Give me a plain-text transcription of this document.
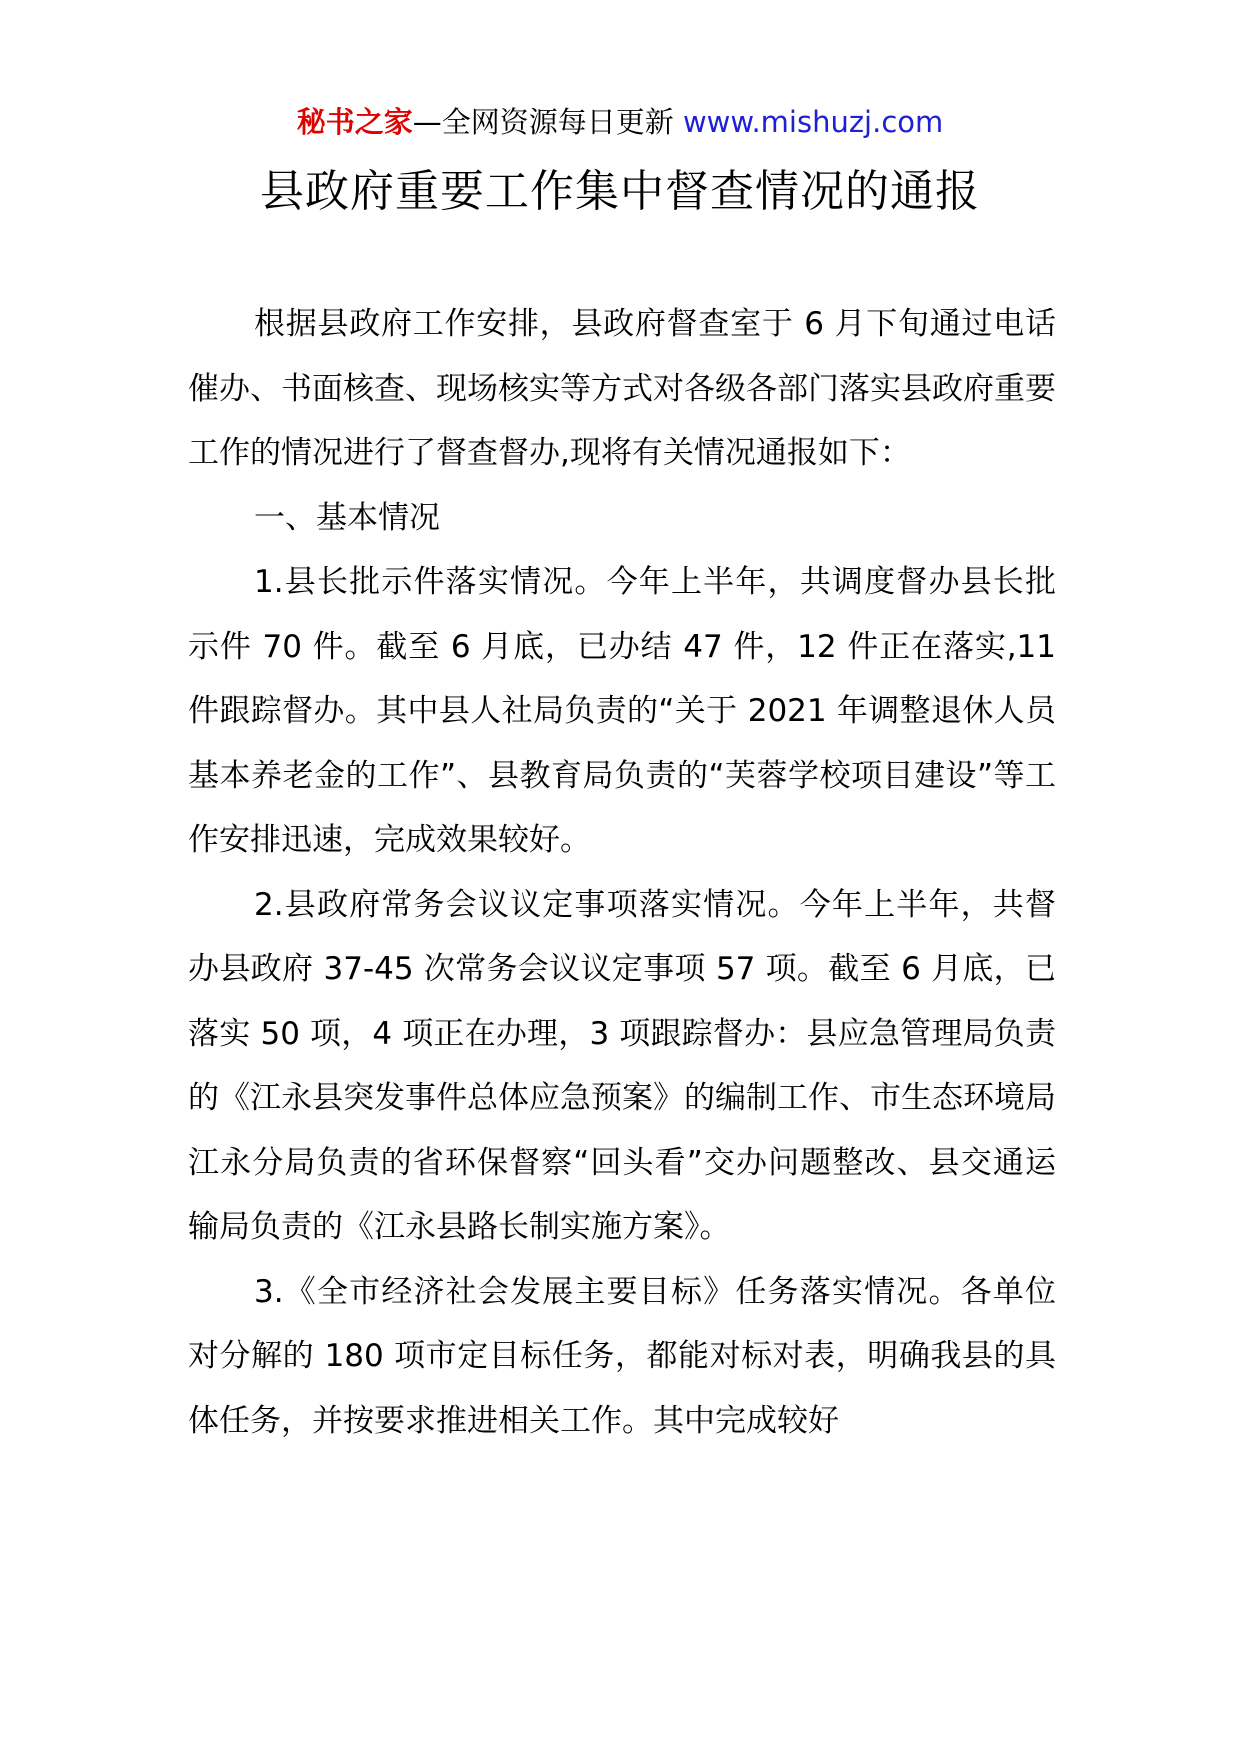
秘书之家—全网资源每日更新 www.mishuzj.com
县政府重要工作集中督查情况的通报

根据县政府工作安排，县政府督查室于 6 月下旬通过电话催办、书面核查、现场核实等方式对各级各部门落实县政府重要工作的情况进行了督查督办,现将有关情况通报如下：

一、基本情况

1.县长批示件落实情况。今年上半年，共调度督办县长批示件 70 件。截至 6 月底，已办结 47 件，12 件正在落实,11 件跟踪督办。其中县人社局负责的“关于 2021 年调整退休人员基本养老金的工作”、县教育局负责的“芙蓉学校项目建设”等工作安排迅速，完成效果较好。

2.县政府常务会议议定事项落实情况。今年上半年，共督办县政府 37-45 次常务会议议定事项 57 项。截至 6 月底，已落实 50 项，4 项正在办理，3 项跟踪督办：县应急管理局负责的《江永县突发事件总体应急预案》的编制工作、市生态环境局江永分局负责的省环保督察“回头看”交办问题整改、县交通运输局负责的《江永县路长制实施方案》。

3.《全市经济社会发展主要目标》任务落实情况。各单位对分解的 180 项市定目标任务，都能对标对表，明确我县的具体任务，并按要求推进相关工作。其中完成较好
